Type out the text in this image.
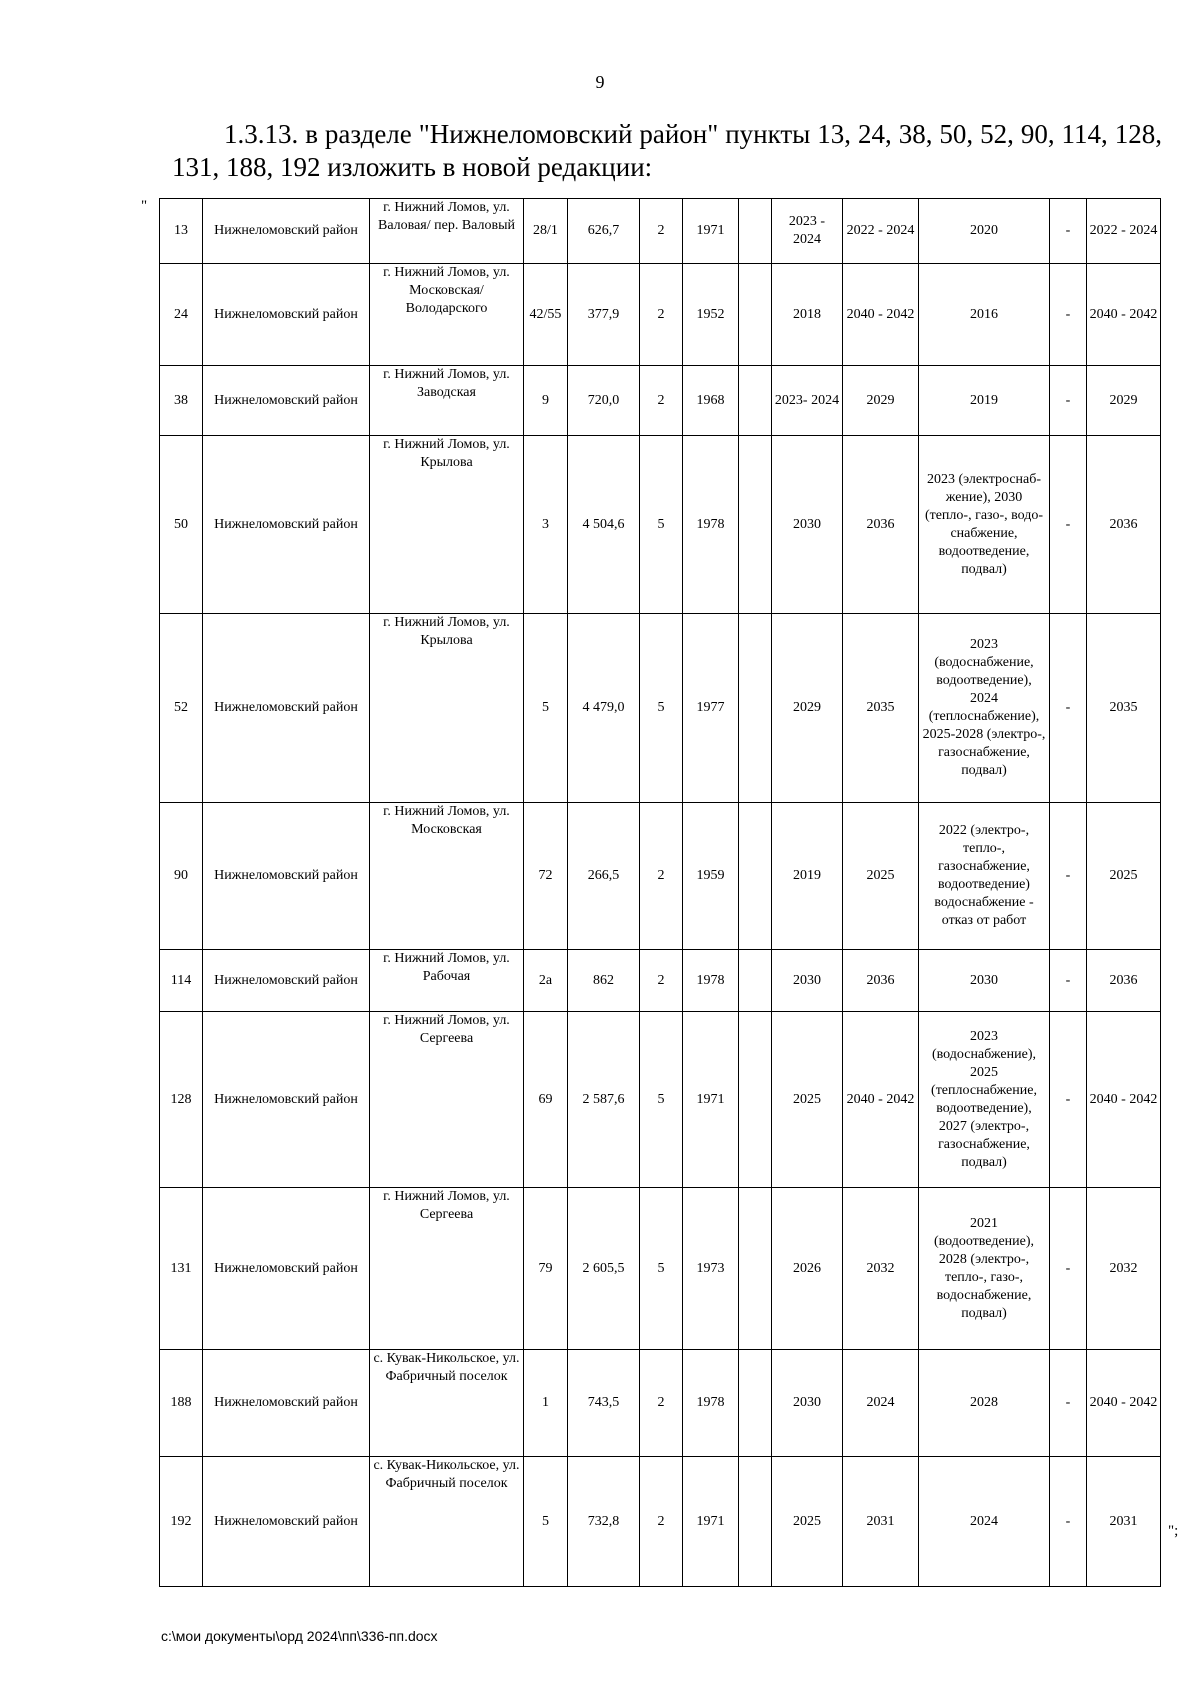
9
1.3.13. в разделе "Нижнеломовский район" пункты 13, 24, 38, 50, 52, 90, 114, 128, 131, 188, 192 изложить в новой редакции:
"
13	Нижнеломовский район	г. Нижний Ломов, ул. Валовая/ пер. Валовый	28/1	626,7	2	1971		2023 - 2024	2022 - 2024	2020	-	2022 - 2024
24	Нижнеломовский район	г. Нижний Ломов, ул. Московская/ Володарского	42/55	377,9	2	1952		2018	2040 - 2042	2016	-	2040 - 2042
38	Нижнеломовский район	г. Нижний Ломов, ул. Заводская	9	720,0	2	1968		2023- 2024	2029	2019	-	2029
50	Нижнеломовский район	г. Нижний Ломов, ул. Крылова	3	4 504,6	5	1978		2030	2036	2023 (электроснаб-жение), 2030 (тепло-, газо-, водо-снабжение, водоотведение, подвал)	-	2036
52	Нижнеломовский район	г. Нижний Ломов, ул. Крылова	5	4 479,0	5	1977		2029	2035	2023 (водоснабжение, водоотведение), 2024 (теплоснабжение), 2025-2028 (электро-, газоснабжение, подвал)	-	2035
90	Нижнеломовский район	г. Нижний Ломов, ул. Московская	72	266,5	2	1959		2019	2025	2022 (электро-, тепло-, газоснабжение, водоотведение) водоснабжение - отказ от работ	-	2025
114	Нижнеломовский район	г. Нижний Ломов, ул. Рабочая	2а	862	2	1978		2030	2036	2030	-	2036
128	Нижнеломовский район	г. Нижний Ломов, ул. Сергеева	69	2 587,6	5	1971		2025	2040 - 2042	2023 (водоснабжение), 2025 (теплоснабжение, водоотведение), 2027 (электро-, газоснабжение, подвал)	-	2040 - 2042
131	Нижнеломовский район	г. Нижний Ломов, ул. Сергеева	79	2 605,5	5	1973		2026	2032	2021 (водоотведение), 2028 (электро-, тепло-, газо-, водоснабжение, подвал)	-	2032
188	Нижнеломовский район	с. Кувак-Никольское, ул. Фабричный поселок	1	743,5	2	1978		2030	2024	2028	-	2040 - 2042
192	Нижнеломовский район	с. Кувак-Никольское, ул. Фабричный поселок	5	732,8	2	1971		2025	2031	2024	-	2031
";
c:\мои документы\орд 2024\пп\336-пп.docx
